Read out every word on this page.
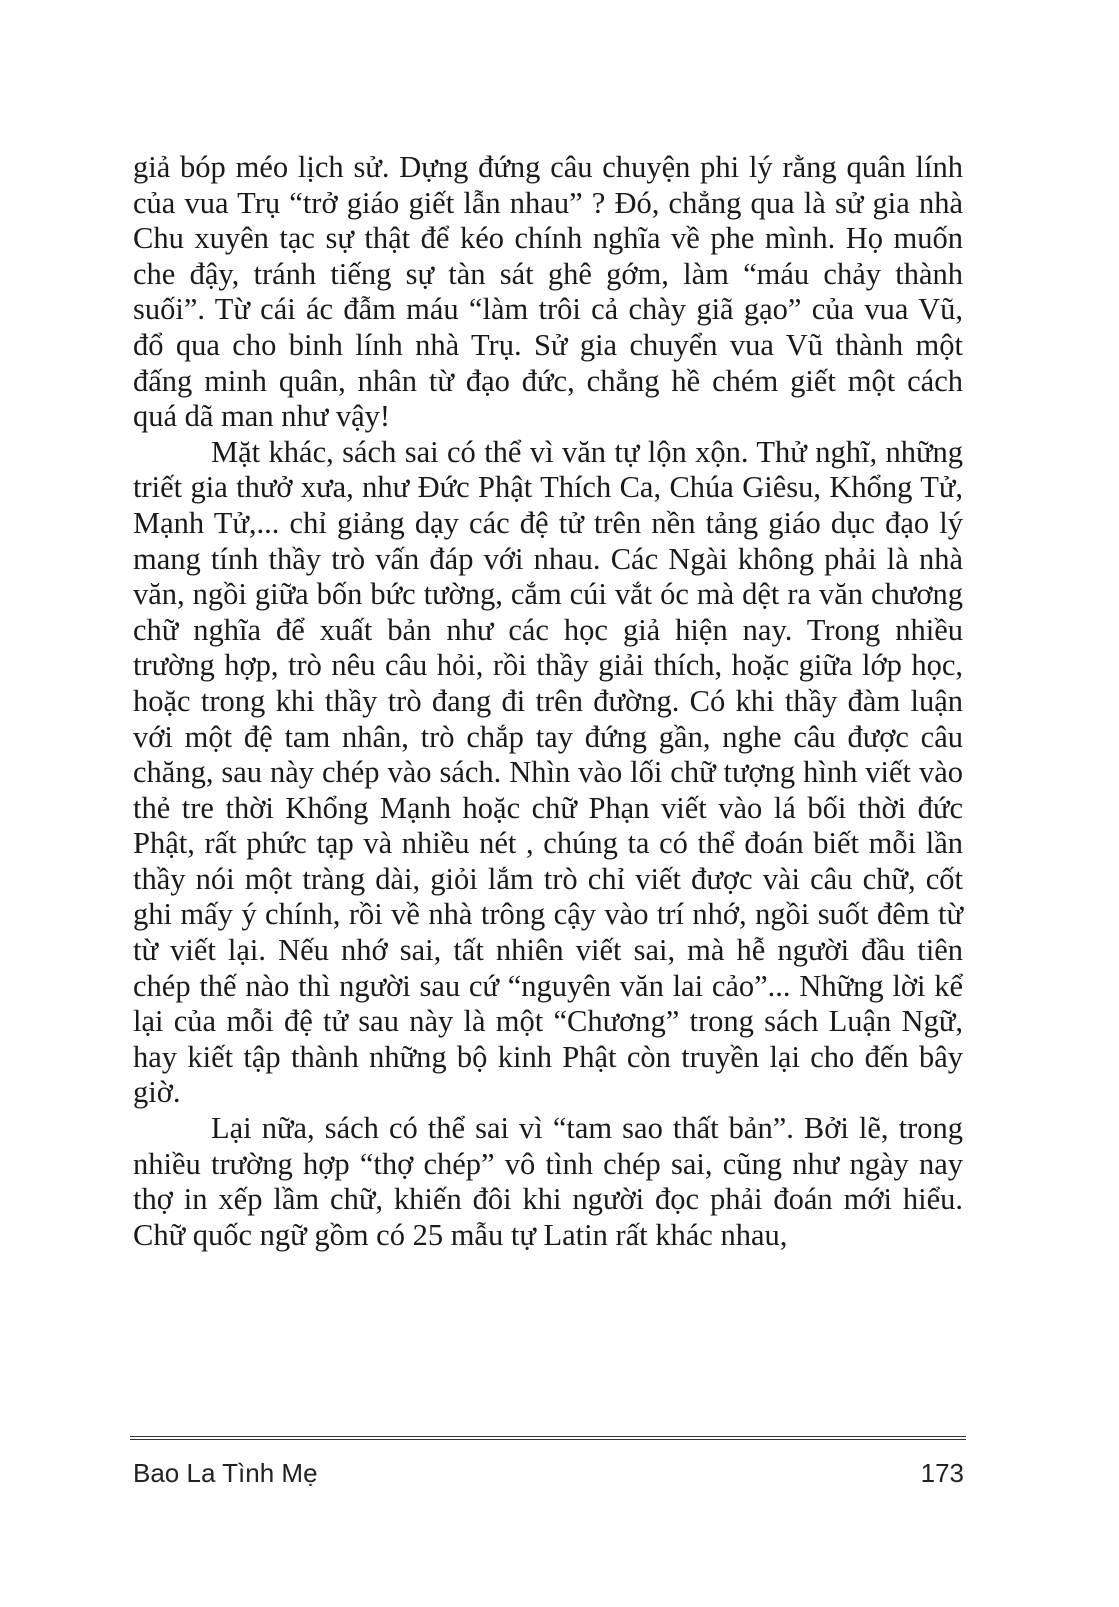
giả bóp méo lịch sử. Dựng đứng câu chuyện phi lý rằng quân lính của vua Trụ “trở giáo giết lẫn nhau” ? Đó, chẳng qua là sử gia nhà Chu xuyên tạc sự thật để kéo chính nghĩa về phe mình. Họ muốn che đậy, tránh tiếng sự tàn sát ghê gớm, làm “máu chảy thành suối”. Từ cái ác đẫm máu “làm trôi cả chày giã gạo” của vua Vũ, đổ qua cho binh lính nhà Trụ. Sử gia chuyển vua Vũ thành một đấng minh quân, nhân từ đạo đức, chẳng hề chém giết một cách quá dã man như vậy!

Mặt khác, sách sai có thể vì văn tự lộn xộn. Thử nghĩ, những triết gia thưở xưa, như Đức Phật Thích Ca, Chúa Giêsu, Khổng Tử, Mạnh Tử,... chỉ giảng dạy các đệ tử trên nền tảng giáo dục đạo lý mang tính thầy trò vấn đáp với nhau. Các Ngài không phải là nhà văn, ngồi giữa bốn bức tường, cắm cúi vắt óc mà dệt ra văn chương chữ nghĩa để xuất bản như các học giả hiện nay. Trong nhiều trường hợp, trò nêu câu hỏi, rồi thầy giải thích, hoặc giữa lớp học, hoặc trong khi thầy trò đang đi trên đường. Có khi thầy đàm luận với một đệ tam nhân, trò chắp tay đứng gần, nghe câu được câu chăng, sau này chép vào sách. Nhìn vào lối chữ tượng hình viết vào thẻ tre thời Khổng Mạnh hoặc chữ Phạn viết vào lá bối thời đức Phật, rất phức tạp và nhiều nét , chúng ta có thể đoán biết mỗi lần thầy nói một tràng dài, giỏi lắm trò chỉ viết được vài câu chữ, cốt ghi mấy ý chính, rồi về nhà trông cậy vào trí nhớ, ngồi suốt đêm từ từ viết lại. Nếu nhớ sai, tất nhiên viết sai, mà hễ người đầu tiên chép thế nào thì người sau cứ “nguyên văn lai cảo”... Những lời kể lại của mỗi đệ tử sau này là một “Chương” trong sách Luận Ngữ, hay kiết tập thành những bộ kinh Phật còn truyền lại cho đến bây giờ.

Lại nữa, sách có thể sai vì “tam sao thất bản”. Bởi lẽ, trong nhiều trường hợp “thợ chép” vô tình chép sai, cũng như ngày nay thợ in xếp lầm chữ, khiến đôi khi người đọc phải đoán mới hiểu. Chữ quốc ngữ gồm có 25 mẫu tự Latin rất khác nhau,

Bao La Tình Mẹ	173
